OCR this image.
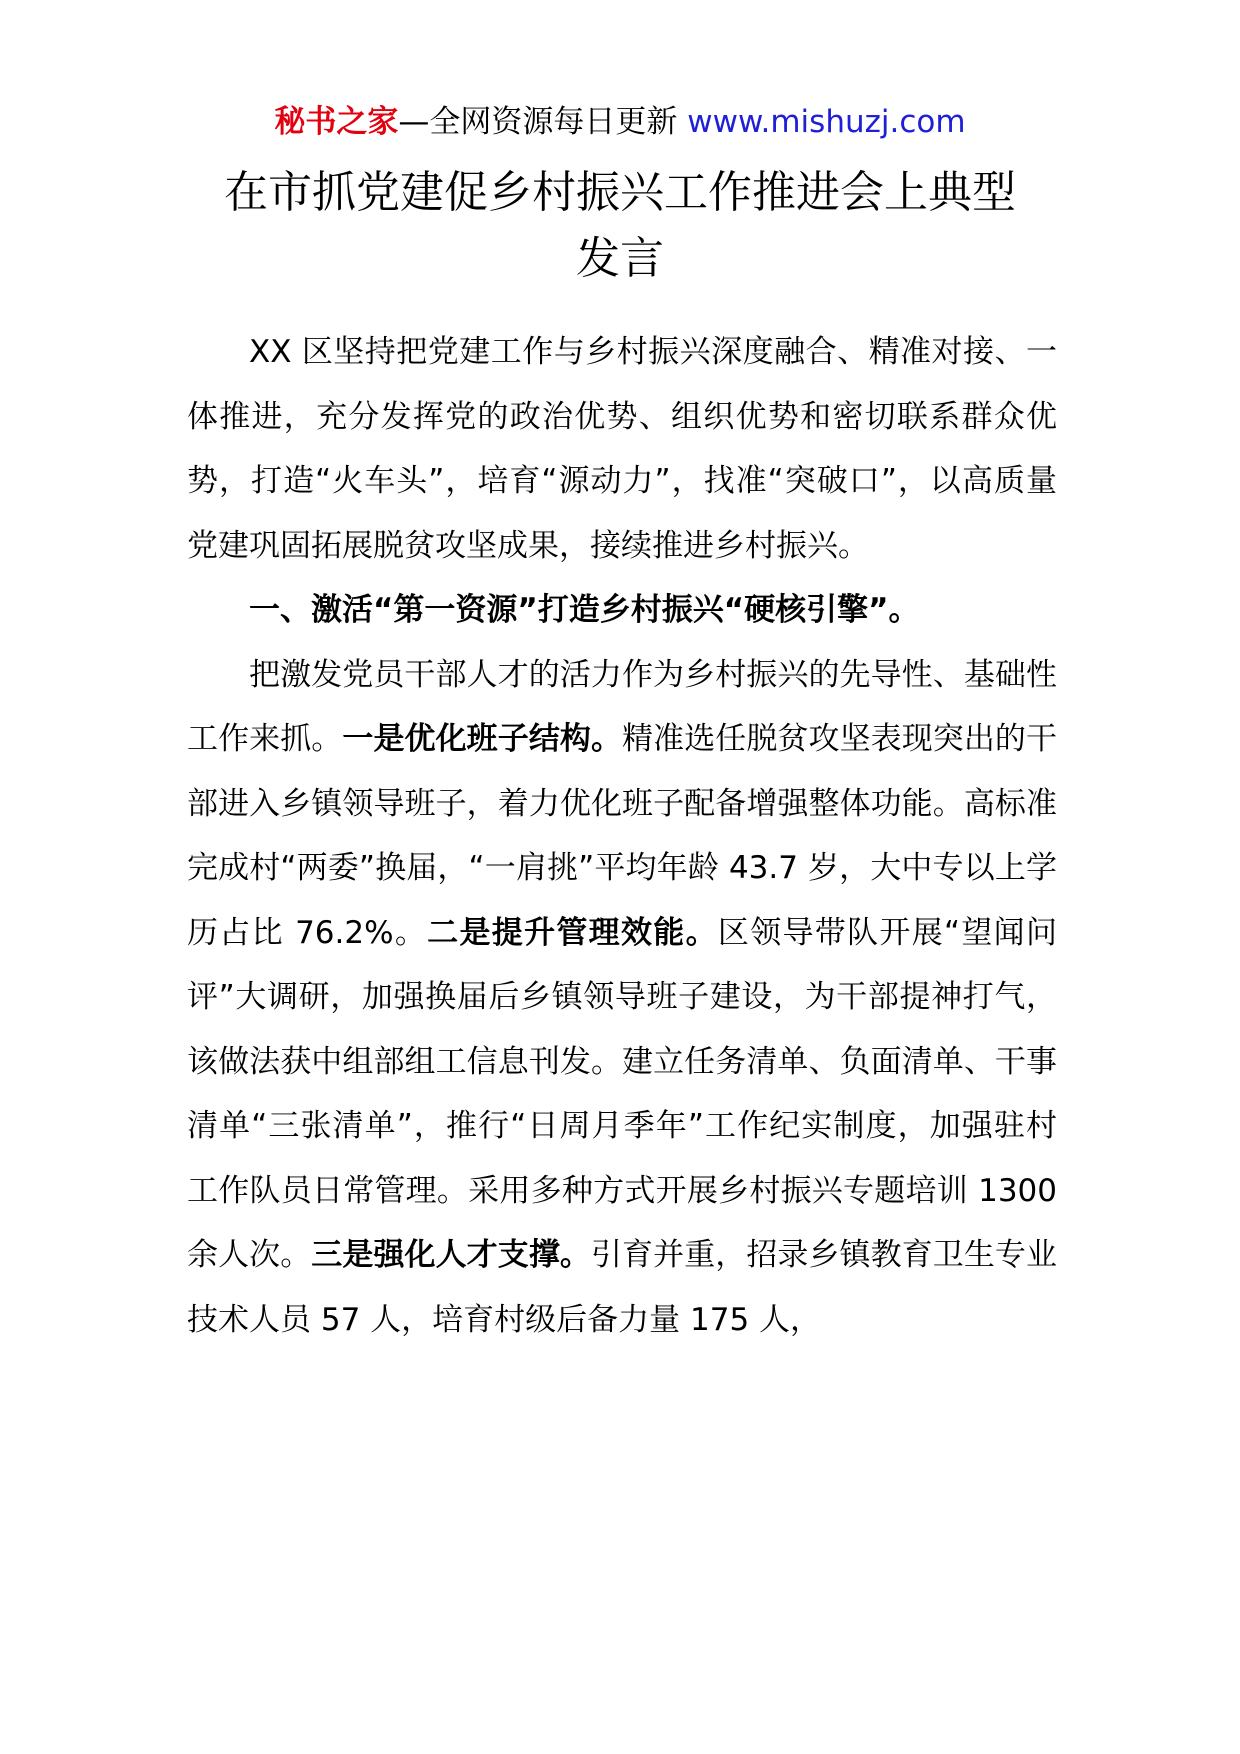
秘书之家—全网资源每日更新 www.mishuzj.com
在市抓党建促乡村振兴工作推进会上典型
发言

XX 区坚持把党建工作与乡村振兴深度融合、精准对接、一体推进，充分发挥党的政治优势、组织优势和密切联系群众优势，打造“火车头”，培育“源动力”，找准“突破口”，以高质量党建巩固拓展脱贫攻坚成果，接续推进乡村振兴。

一、激活“第一资源”打造乡村振兴“硬核引擎”。

把激发党员干部人才的活力作为乡村振兴的先导性、基础性工作来抓。一是优化班子结构。精准选任脱贫攻坚表现突出的干部进入乡镇领导班子，着力优化班子配备增强整体功能。高标准完成村“两委”换届，“一肩挑”平均年龄 43.7 岁，大中专以上学历占比 76.2%。二是提升管理效能。区领导带队开展“望闻问评”大调研，加强换届后乡镇领导班子建设，为干部提神打气，该做法获中组部组工信息刊发。建立任务清单、负面清单、干事清单“三张清单”，推行“日周月季年”工作纪实制度，加强驻村工作队员日常管理。采用多种方式开展乡村振兴专题培训 1300 余人次。三是强化人才支撑。引育并重，招录乡镇教育卫生专业技术人员 57 人，培育村级后备力量 175 人，
